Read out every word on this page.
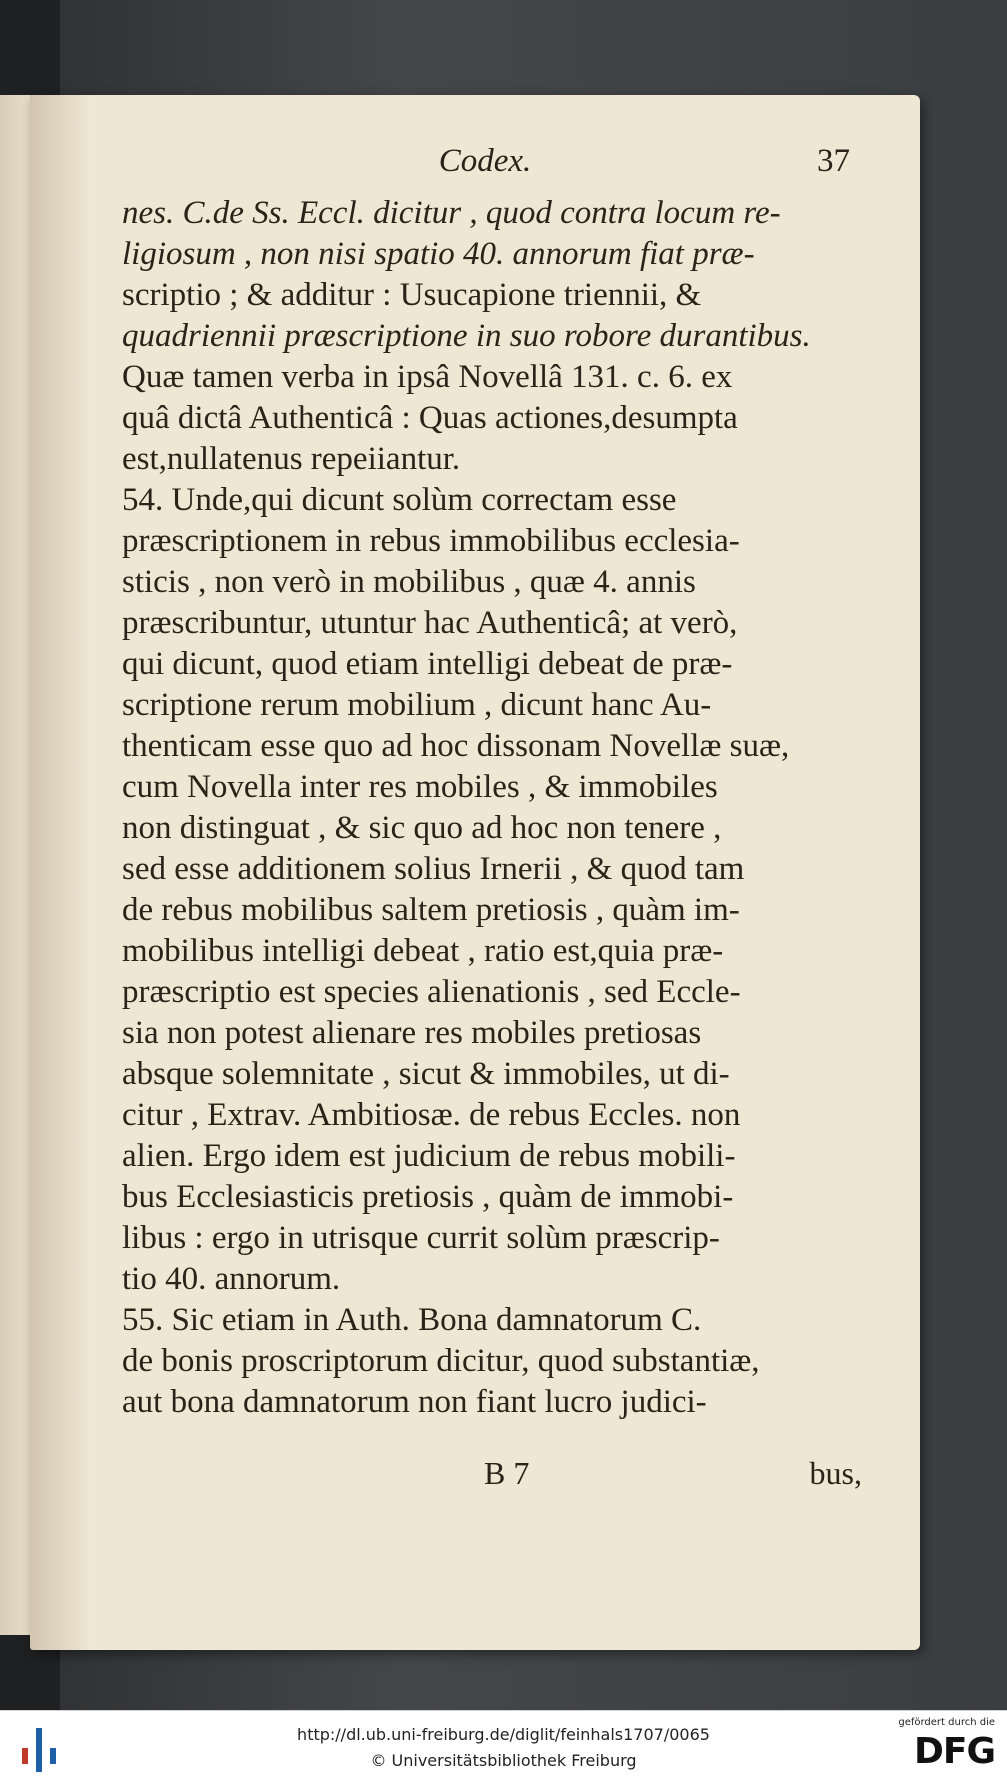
Codex.	37
nes. C.de Ss. Eccl. dicitur , quod contra locum re-
ligiosum , non nisi spatio 40. annorum fiat præ-
scriptio ; & additur : Usucapione triennii, &
quadriennii præscriptione in suo robore durantibus.
Quæ tamen verba in ipsâ Novellâ 131. c. 6. ex
quâ dictâ Authenticâ : Quas actiones,desumpta
est,nullatenus repeiiantur.
54. Unde,qui dicunt solùm correctam esse
præscriptionem in rebus immobilibus ecclesia-
sticis , non verò in mobilibus , quæ 4. annis
præscribuntur, utuntur hac Authenticâ; at verò,
qui dicunt, quod etiam intelligi debeat de præ-
scriptione rerum mobilium , dicunt hanc Au-
thenticam esse quo ad hoc dissonam Novellæ suæ,
cum Novella inter res mobiles , & immobiles
non distinguat , & sic quo ad hoc non tenere ,
sed esse additionem solius Irnerii , & quod tam
de rebus mobilibus saltem pretiosis , quàm im-
mobilibus intelligi debeat , ratio est,quia præ-
præscriptio est species alienationis , sed Eccle-
sia non potest alienare res mobiles pretiosas
absque solemnitate , sicut & immobiles, ut di-
citur , Extrav. Ambitiosæ. de rebus Eccles. non
alien. Ergo idem est judicium de rebus mobili-
bus Ecclesiasticis pretiosis , quàm de immobi-
libus : ergo in utrisque currit solùm præscrip-
tio 40. annorum.
55. Sic etiam in Auth. Bona damnatorum C.
de bonis proscriptorum dicitur, quod substantiæ,
aut bona damnatorum non fiant lucro judici-
B 7	bus,
http://dl.ub.uni-freiburg.de/diglit/feinhals1707/0065
© Universitätsbibliothek Freiburg
gefördert durch die
DFG
